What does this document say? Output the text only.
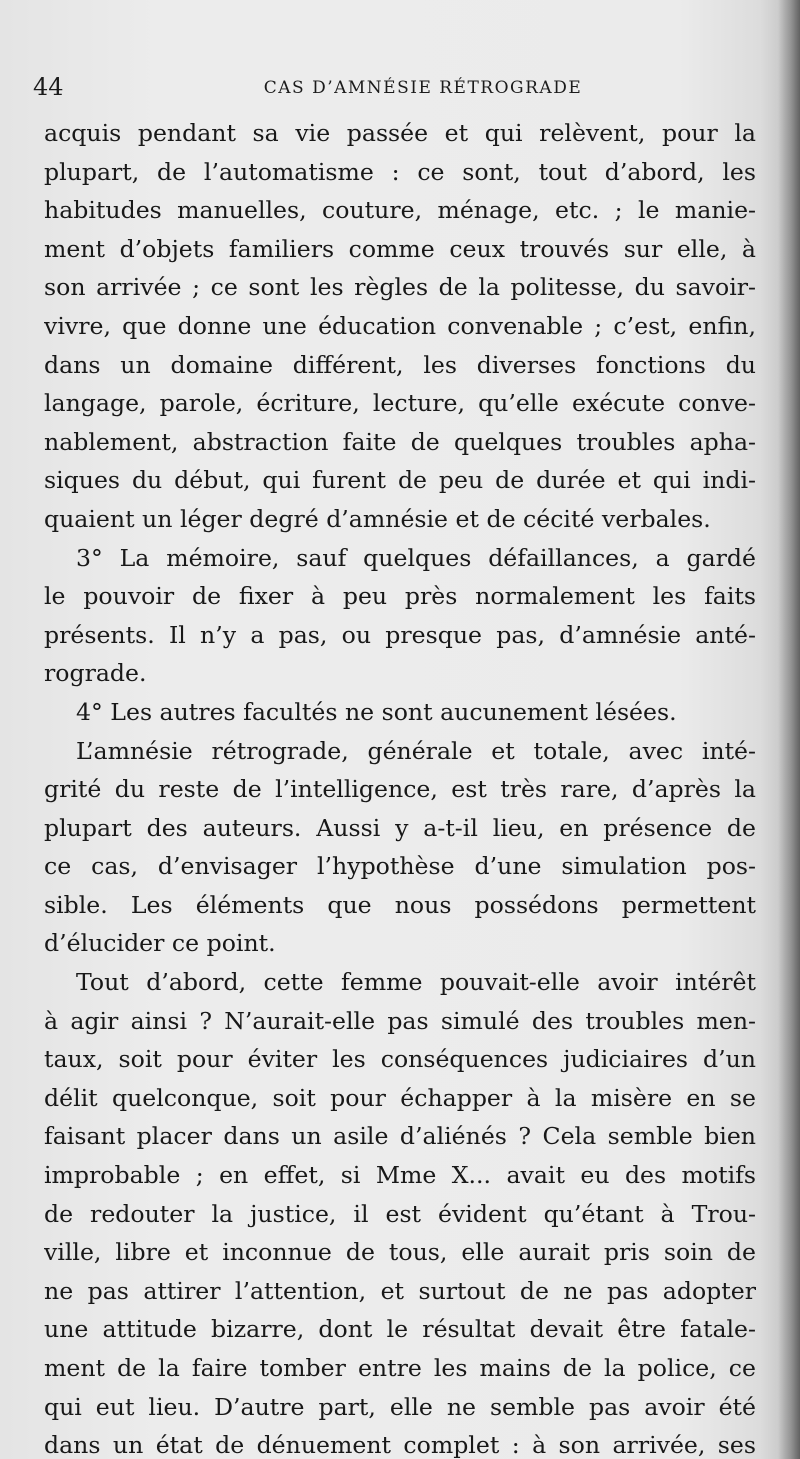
44	CAS D’AMNÉSIE RÉTROGRADE
acquis pendant sa vie passée et qui relèvent, pour la
plupart, de l’automatisme : ce sont, tout d’abord, les
habitudes manuelles, couture, ménage, etc. ; le manie-
ment d’objets familiers comme ceux trouvés sur elle, à
son arrivée ; ce sont les règles de la politesse, du savoir-
vivre, que donne une éducation convenable ; c’est, enfin,
dans un domaine différent, les diverses fonctions du
langage, parole, écriture, lecture, qu’elle exécute conve-
nablement, abstraction faite de quelques troubles apha-
siques du début, qui furent de peu de durée et qui indi-
quaient un léger degré d’amnésie et de cécité verbales.
3° La mémoire, sauf quelques défaillances, a gardé
le pouvoir de fixer à peu près normalement les faits
présents. Il n’y a pas, ou presque pas, d’amnésie anté-
rograde.
4° Les autres facultés ne sont aucunement lésées.
L’amnésie rétrograde, générale et totale, avec inté-
grité du reste de l’intelligence, est très rare, d’après la
plupart des auteurs. Aussi y a-t-il lieu, en présence de
ce cas, d’envisager l’hypothèse d’une simulation pos-
sible. Les éléments que nous possédons permettent
d’élucider ce point.
Tout d’abord, cette femme pouvait-elle avoir intérêt
à agir ainsi ? N’aurait-elle pas simulé des troubles men-
taux, soit pour éviter les conséquences judiciaires d’un
délit quelconque, soit pour échapper à la misère en se
faisant placer dans un asile d’aliénés ? Cela semble bien
improbable ; en effet, si Mme X... avait eu des motifs
de redouter la justice, il est évident qu’étant à Trou-
ville, libre et inconnue de tous, elle aurait pris soin de
ne pas attirer l’attention, et surtout de ne pas adopter
une attitude bizarre, dont le résultat devait être fatale-
ment de la faire tomber entre les mains de la police, ce
qui eut lieu. D’autre part, elle ne semble pas avoir été
dans un état de dénuement complet : à son arrivée, ses
